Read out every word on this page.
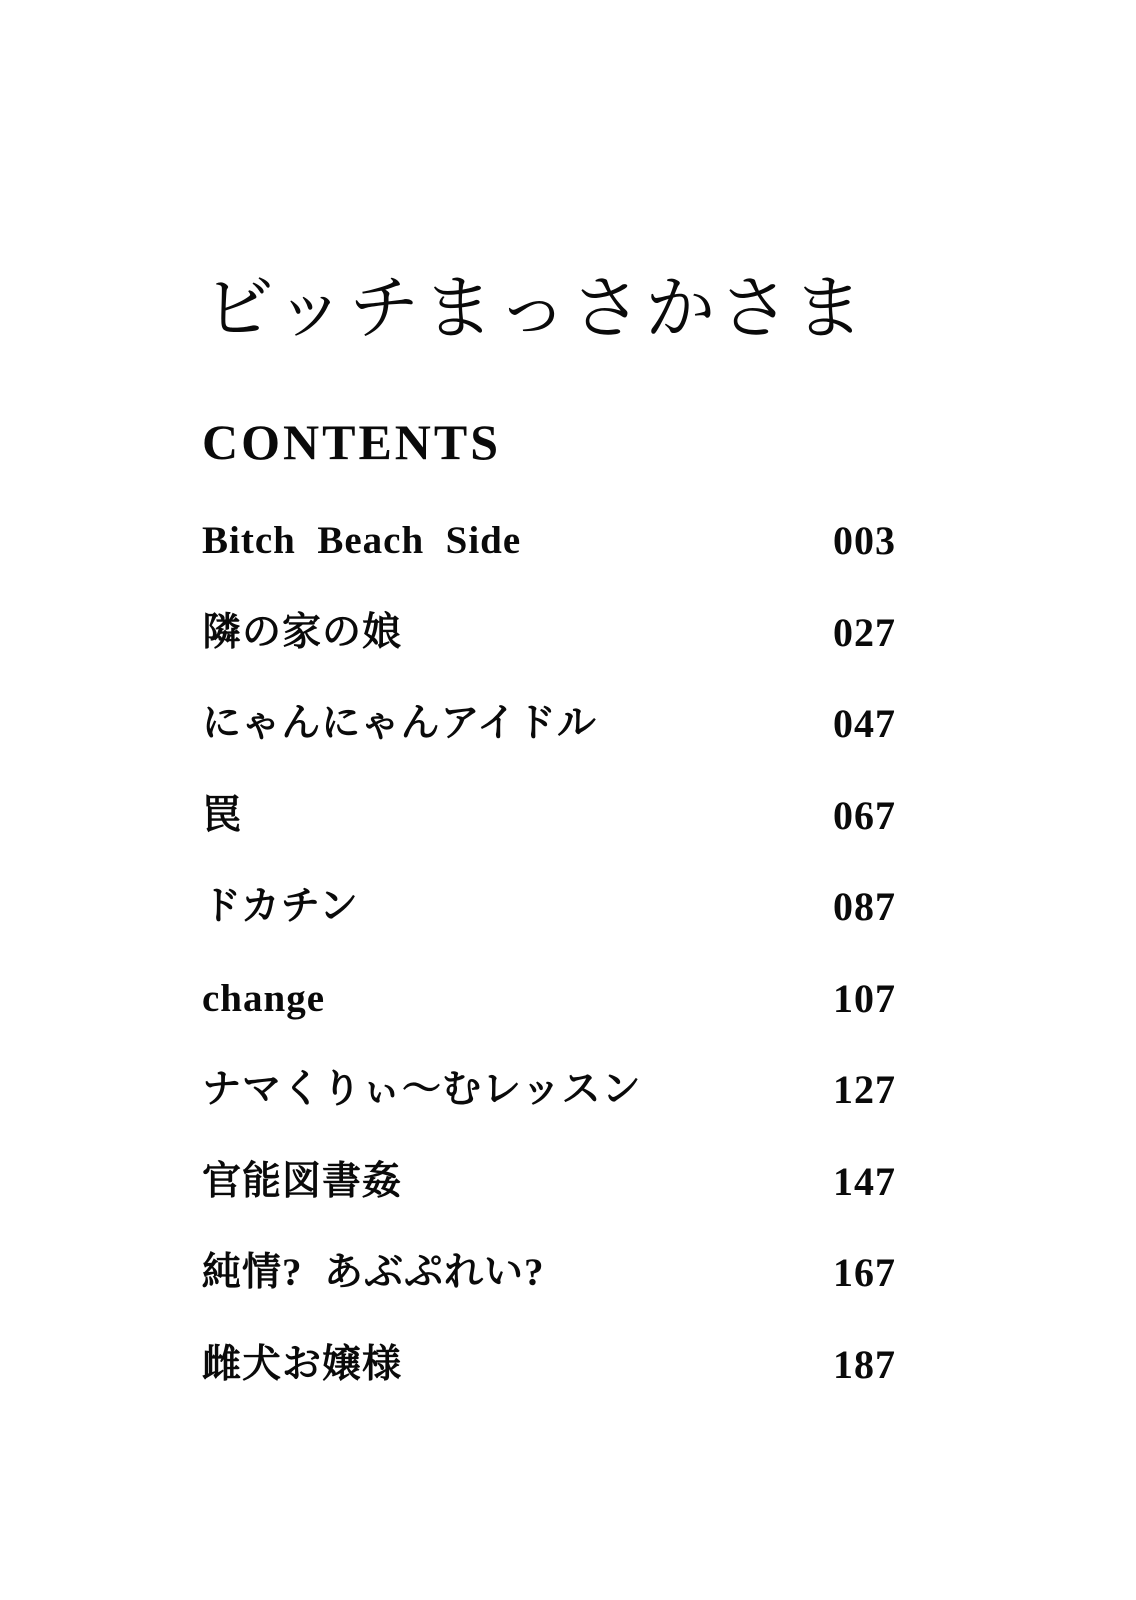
ビッチまっさかさま
CONTENTS
Bitch  Beach  Side	003
隣の家の娘	027
にゃんにゃんアイドル	047
罠	067
ドカチン	087
change	107
ナマくりぃ〜むレッスン	127
官能図書姦	147
純情?  あぶぷれい?	167
雌犬お嬢様	187
